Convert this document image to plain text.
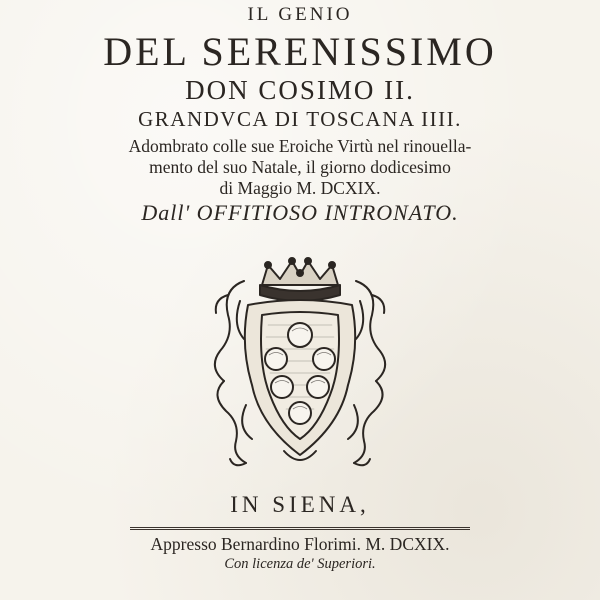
IL GENIO
DEL SERENISSIMO
DON COSIMO II.
GRANDVCA DI TOSCANA IIII.
Adombrato colle sue Eroiche Virtù nel rinouella-
mento del suo Natale, il giorno dodicesimo
di Maggio M. DCXIX.
Dall' OFFITIOSO INTRONATO.
IN SIENA,
Appresso Bernardino Florimi. M. DCXIX.
Con licenza de' Superiori.
